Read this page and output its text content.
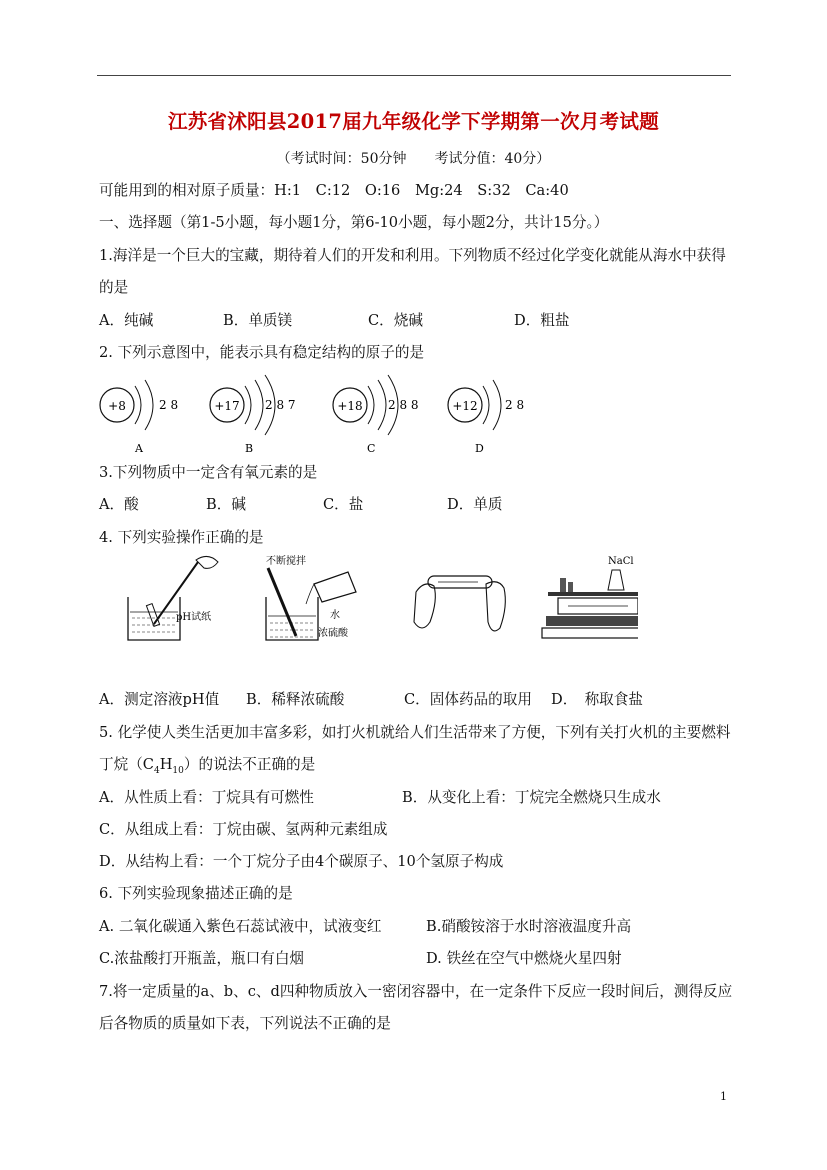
江苏省沭阳县2017届九年级化学下学期第一次月考试题
（考试时间：50分钟　　考试分值：40分）
可能用到的相对原子质量：H:1　C:12　O:16　Mg:24　S:32　Ca:40
一、选择题（第1-5小题，每小题1分，第6-10小题，每小题2分，共计15分。）
1.海洋是一个巨大的宝藏，期待着人们的开发和利用。下列物质不经过化学变化就能从海水中获得
的是
A．纯碱	B．单质镁	C．烧碱	D．粗盐
2. 下列示意图中，能表示具有稳定结构的原子的是
+8	2 8	+17 2 8 7	+18 2 8 8	+12 2 8
A	B	C	D
3.下列物质中一定含有氧元素的是
A．酸	B．碱	C．盐	D．单质
4. 下列实验操作正确的是
pH试纸
不断搅拌
水
浓硫酸
NaCl
A．测定溶液pH值 B．稀释浓硫酸	C．固体药品的取用 D．　称取食盐
5. 化学使人类生活更加丰富多彩，如打火机就给人们生活带来了方便，下列有关打火机的主要燃料
丁烷$(C_4H_{10})$的说法不正确的是
A．从性质上看：丁烷具有可燃性	B．从变化上看：丁烷完全燃烧只生成水
C．从组成上看：丁烷由碳、氢两种元素组成
D．从结构上看：一个丁烷分子由4个碳原子、10个氢原子构成
6. 下列实验现象描述正确的是
A. 二氧化碳通入紫色石蕊试液中，试液变红	B.硝酸铵溶于水时溶液温度升高
C.浓盐酸打开瓶盖，瓶口有白烟	D. 铁丝在空气中燃烧火星四射
7.将一定质量的a、b、c、d四种物质放入一密闭容器中，在一定条件下反应一段时间后，测得反应
后各物质的质量如下表，下列说法不正确的是
1
